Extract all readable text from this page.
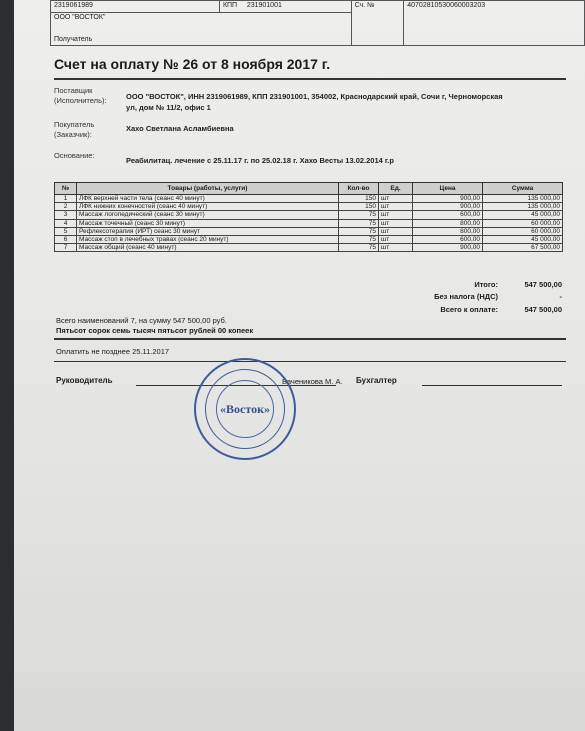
2319061989	КПП 231901001	Сч. №	40702810530060003203

ООО "ВОСТОК"
Получатель
Счет на оплату № 26 от 8 ноября 2017 г.
Поставщик
(Исполнитель):	ООО "ВОСТОК", ИНН 2319061989, КПП 231901001, 354002, Краснодарский край, Сочи г, Черноморская
ул, дом № 11/2, офис 1
Покупатель
(Заказчик):
Хахо Светлана Асламбиевна
Основание:
Реабилитац. лечение с 25.11.17 г. по 25.02.18 г. Хахо Весты 13.02.2014 г.р
№	Товары (работы, услуги)	Кол-во	Ед.	Цена	Сумма
1	ЛФК верхней части тела (сеанс 40 минут)	150	шт	900,00	135 000,00
2	ЛФК нижних конечностей (сеанс 40 минут)	150	шт	900,00	135 000,00
3	Массаж логопедический (сеанс 30 минут)	75	шт	600,00	45 000,00
4	Массаж точечный (сеанс 30 минут)	75	шт	800,00	60 000,00
5	Рефлексотерапия (ИРТ) сеанс 30 минут	75	шт	800,00	60 000,00
6	Массаж стоп в лечебных травах (сеанс 20 минут)	75	шт	600,00	45 000,00
7	Массаж общий (сеанс 40 минут)	75	шт	900,00	67 500,00
Итого:	547 500,00
Без налога (НДС)	-
Всего к оплате:	547 500,00
Всего наименований 7, на сумму 547 500,00 руб.
Пятьсот сорок семь тысяч пятьсот рублей 00 копеек
Оплатить не позднее 25.11.2017
Руководитель	Баченикова М. А. Бухгалтер
«Восток»
